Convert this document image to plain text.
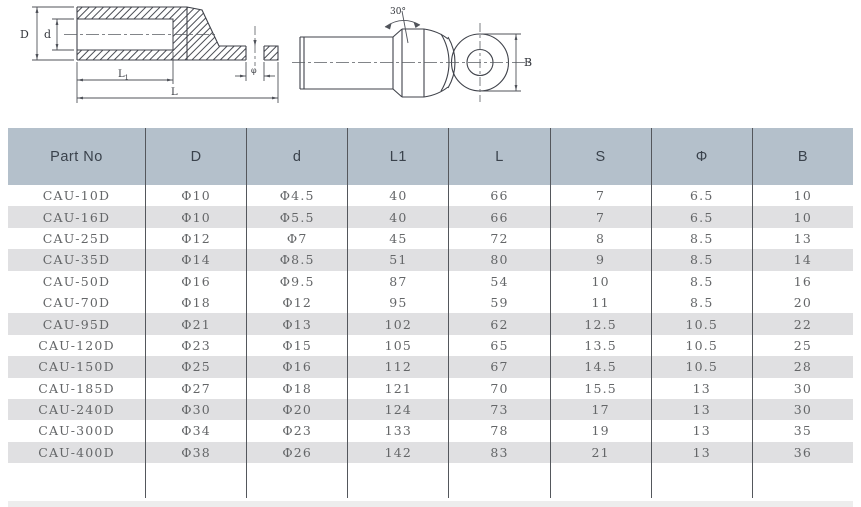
D d
$L_1$
L
φ
30°
B
Part No	D	d	L1	L	S	Φ	B
CAU-10D	Φ10	Φ4.5	40	66	7	6.5	10
CAU-16D	Φ10	Φ5.5	40	66	7	6.5	10
CAU-25D	Φ12	Φ7	45	72	8	8.5	13
CAU-35D	Φ14	Φ8.5	51	80	9	8.5	14
CAU-50D	Φ16	Φ9.5	87	54	10	8.5	16
CAU-70D	Φ18	Φ12	95	59	11	8.5	20
CAU-95D	Φ21	Φ13	102	62	12.5	10.5	22
CAU-120D	Φ23	Φ15	105	65	13.5	10.5	25
CAU-150D	Φ25	Φ16	112	67	14.5	10.5	28
CAU-185D	Φ27	Φ18	121	70	15.5	13	30
CAU-240D	Φ30	Φ20	124	73	17	13	30
CAU-300D	Φ34	Φ23	133	78	19	13	35
CAU-400D	Φ38	Φ26	142	83	21	13	36
